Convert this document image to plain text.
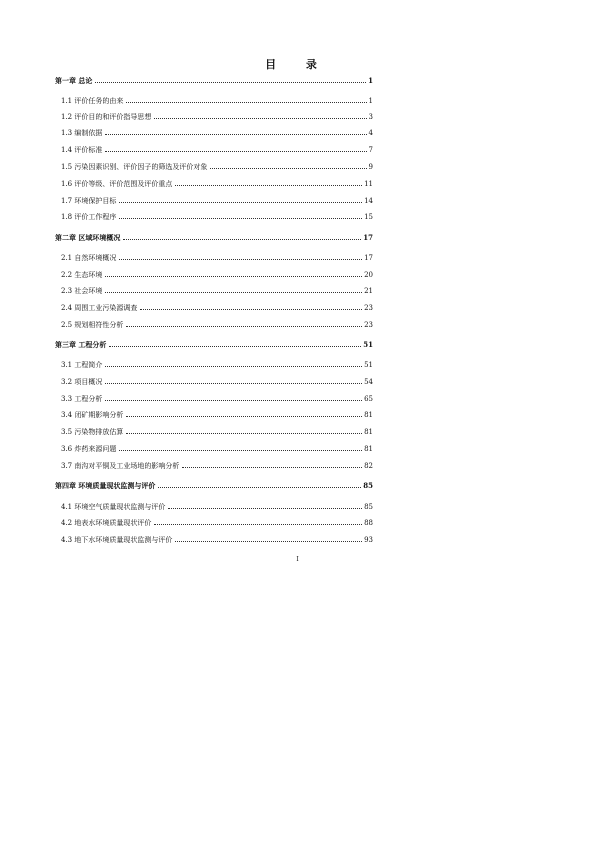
目 录
第一章 总论	1
1.1 评价任务的由来	1
1.2 评价目的和评价指导思想	3
1.3 编制依据	4
1.4 评价标准	7
1.5 污染因素识别、评价因子的筛选及评价对象	9
1.6 评价等级、评价范围及评价重点	11
1.7 环境保护目标	14
1.8 评价工作程序	15
第二章 区域环境概况	17
2.1 自然环境概况	17
2.2 生态环境	20
2.3 社会环境	21
2.4 周围工业污染源调查	23
2.5 规划相符性分析	23
第三章 工程分析	51
3.1 工程简介	51
3.2 项目概况	54
3.3 工程分析	65
3.4 闭矿期影响分析	81
3.5 污染物排放估算	81
3.6 炸药来源问题	81
3.7 南沟对平铜及工业场地的影响分析	82
第四章 环境质量现状监测与评价	85
4.1 环境空气质量现状监测与评价	85
4.2 地表水环境质量现状评价	88
4.3 地下水环境质量现状监测与评价	93
I
